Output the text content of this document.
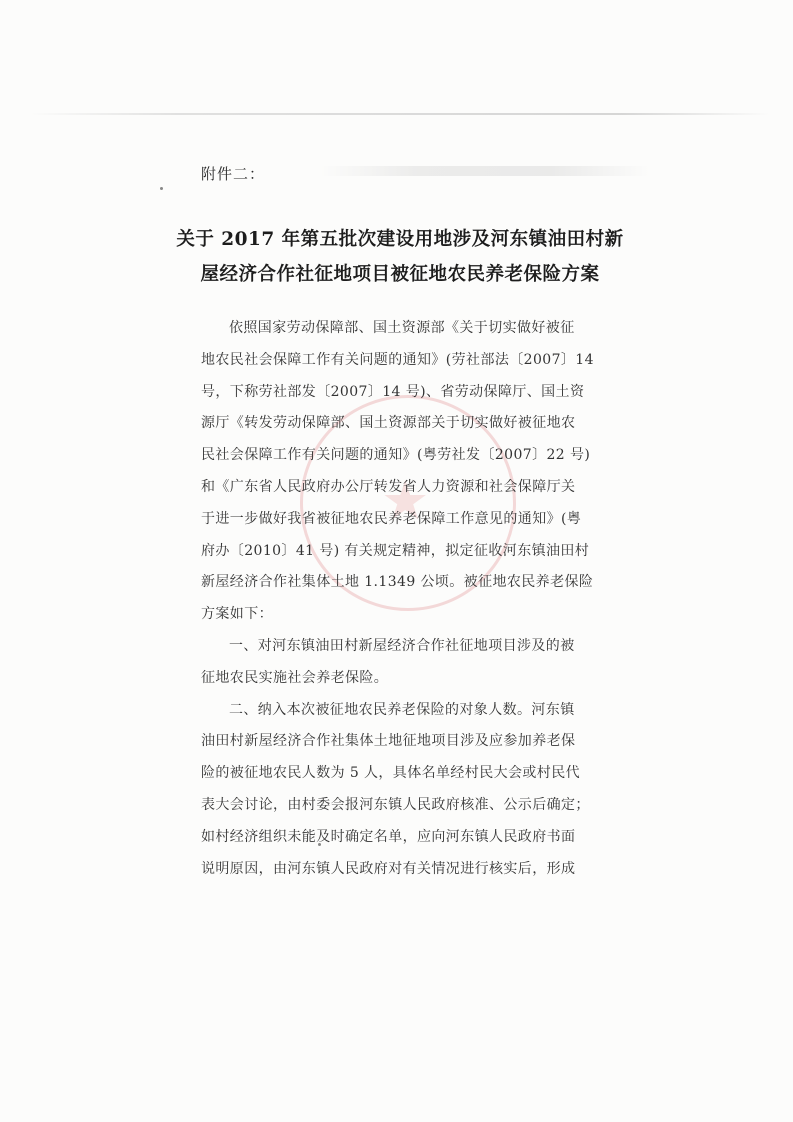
★
附件二：
关于 2017 年第五批次建设用地涉及河东镇油田村新
屋经济合作社征地项目被征地农民养老保险方案
依照国家劳动保障部、国土资源部《关于切实做好被征
地农民社会保障工作有关问题的通知》(劳社部法〔2007〕14
号，下称劳社部发〔2007〕14 号)、省劳动保障厅、国土资
源厅《转发劳动保障部、国土资源部关于切实做好被征地农
民社会保障工作有关问题的通知》(粤劳社发〔2007〕22 号)
和《广东省人民政府办公厅转发省人力资源和社会保障厅关
于进一步做好我省被征地农民养老保障工作意见的通知》(粤
府办〔2010〕41 号) 有关规定精神，拟定征收河东镇油田村
新屋经济合作社集体土地 1.1349 公顷。被征地农民养老保险
方案如下：
一、对河东镇油田村新屋经济合作社征地项目涉及的被
征地农民实施社会养老保险。
二、纳入本次被征地农民养老保险的对象人数。河东镇
油田村新屋经济合作社集体土地征地项目涉及应参加养老保
险的被征地农民人数为 5 人，具体名单经村民大会或村民代
表大会讨论，由村委会报河东镇人民政府核准、公示后确定；
如村经济组织未能及时确定名单，应向河东镇人民政府书面
说明原因，由河东镇人民政府对有关情况进行核实后，形成
